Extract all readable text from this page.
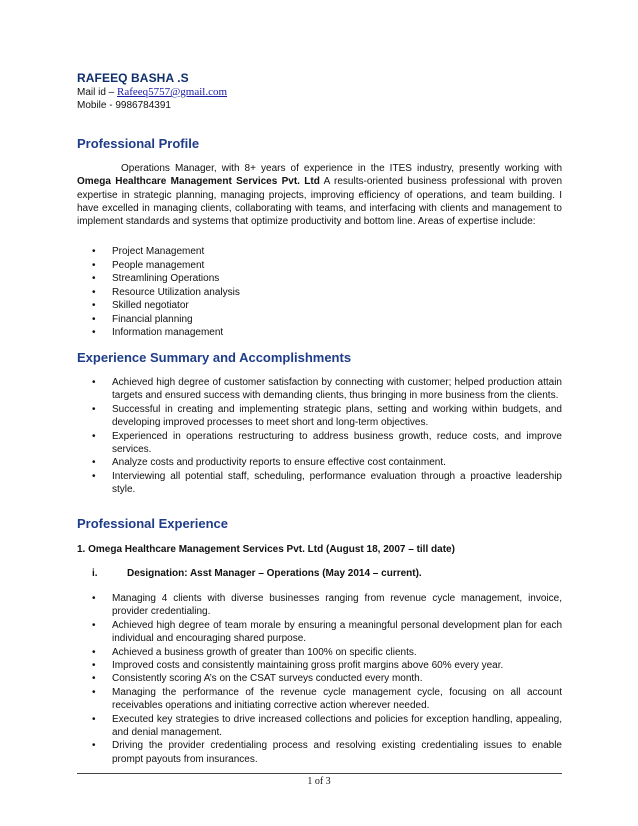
RAFEEQ BASHA .S
Mail id – Rafeeq5757@gmail.com
Mobile - 9986784391
Professional Profile
Operations Manager, with 8+ years of experience in the ITES industry, presently working with Omega Healthcare Management Services Pvt. Ltd A results-oriented business professional with proven expertise in strategic planning, managing projects, improving efficiency of operations, and team building. I have excelled in managing clients, collaborating with teams, and interfacing with clients and management to implement standards and systems that optimize productivity and bottom line. Areas of expertise include:
• Project Management
• People management
• Streamlining Operations
• Resource Utilization analysis
• Skilled negotiator
• Financial planning
• Information management
Experience Summary and Accomplishments
• Achieved high degree of customer satisfaction by connecting with customer; helped production attain targets and ensured success with demanding clients, thus bringing in more business from the clients.
• Successful in creating and implementing strategic plans, setting and working within budgets, and developing improved processes to meet short and long-term objectives.
• Experienced in operations restructuring to address business growth, reduce costs, and improve services.
• Analyze costs and productivity reports to ensure effective cost containment.
• Interviewing all potential staff, scheduling, performance evaluation through a proactive leadership style.
Professional Experience
1. Omega Healthcare Management Services Pvt. Ltd (August 18, 2007 – till date)
i.	Designation: Asst Manager – Operations (May 2014 – current).
• Managing 4 clients with diverse businesses ranging from revenue cycle management, invoice, provider credentialing.
• Achieved high degree of team morale by ensuring a meaningful personal development plan for each individual and encouraging shared purpose.
• Achieved a business growth of greater than 100% on specific clients.
• Improved costs and consistently maintaining gross profit margins above 60% every year.
• Consistently scoring A’s on the CSAT surveys conducted every month.
• Managing the performance of the revenue cycle management cycle, focusing on all account receivables operations and initiating corrective action wherever needed.
• Executed key strategies to drive increased collections and policies for exception handling, appealing, and denial management.
• Driving the provider credentialing process and resolving existing credentialing issues to enable prompt payouts from insurances.
1 of 3
